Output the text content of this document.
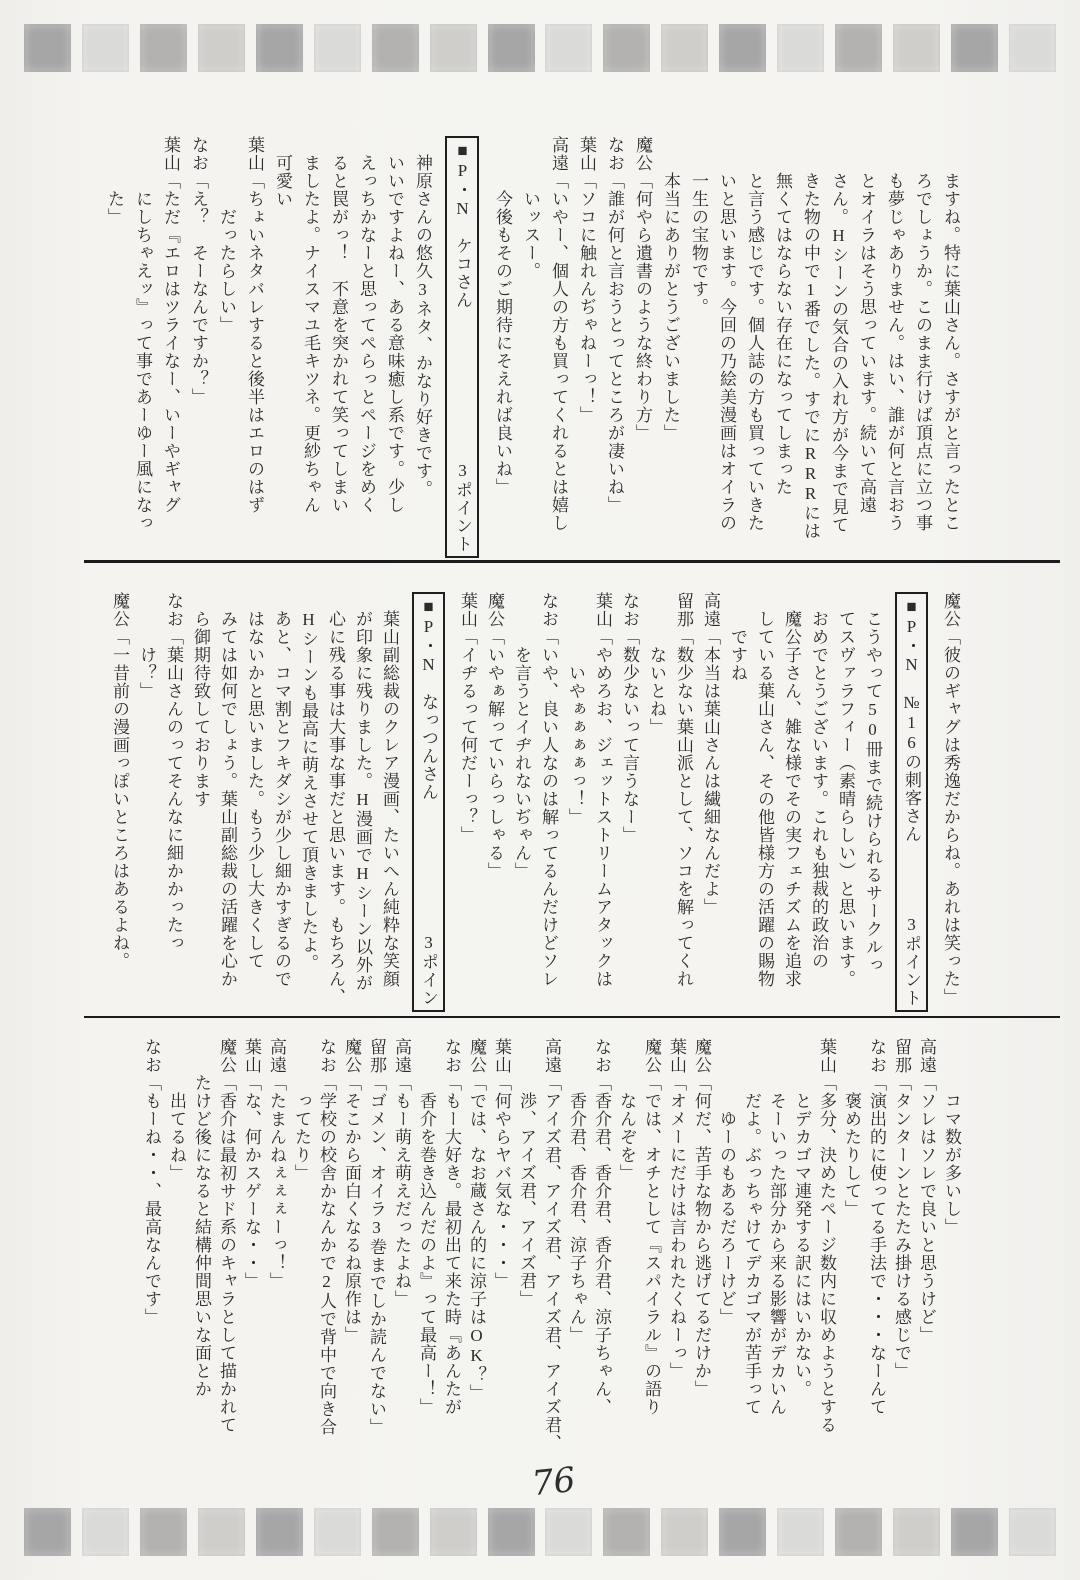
　　ますね。特に葉山さん。さすがと言ったとこ
　　ろでしょうか。このまま行けば頂点に立つ事
　　も夢じゃありません。はい、誰が何と言おう
　　とオイラはそう思っています。続いて高遠
　　さん。Hシーンの気合の入れ方が今まで見て
　　きた物の中で1番でした。すでにRRRには
　　無くてはならない存在になってしまった
　　と言う感じです。個人誌の方も買っていきた
　　いと思います。今回の乃絵美漫画はオイラの
　　一生の宝物です。
　　本当にありがとうございました」
魔公「何やら遺書のような終わり方」
なお「誰が何と言おうとってところが凄いね」
葉山「ソコに触れんぢゃねーっ！」
高遠「いやー、個人の方も買ってくれるとは嬉し
　　　いッスー。
　　　今後もそのご期待にそえれば良いね」
■P・N　ケコさん
3ポイント
　神原さんの悠久3ネタ、かなり好きです。
　いいですよねー、ある意味癒し系です。少し
　えっちかなーと思ってぺらっとページをめく
　ると罠がっ！　不意を突かれて笑ってしまい
　ましたよ。ナイスマユ毛キツネ。更紗ちゃん
　可愛い
葉山「ちょいネタバレすると後半はエロのはず
　　　　だったらしい」
なお「え？　そーなんですか？」
葉山「ただ『エロはツライなー、いーやギャグ
　　　にしちゃえッ』って事であーゆー風になっ
　　　た」
魔公「彼のギャグは秀逸だからね。あれは笑った」
■P・N　№16の刺客さん
3ポイント
　こうやって50冊まで続けられるサークルっ
　てスヴァラフィー（素晴らしい）と思います。
　おめでとうございます。これも独裁的政治の
　魔公子さん、雑な様でその実フェチズムを追求
　している葉山さん、その他皆様方の活躍の賜物
　　ですね
高遠「本当は葉山さんは繊細なんだよ」
留那「数少ない葉山派として、ソコを解ってくれ
　　　ないとね」
なお「数少ないって言うなー」
葉山「やめろお、ジェットストリームアタックは
　　　　いやぁぁぁぁっ！」
なお「いや、良い人なのは解ってるんだけどソレ
　　　を言うとイヂれないぢゃん」
魔公「いやぁ解っていらっしゃる」
葉山「イヂるって何だーっ？」
■P・N　なっつんさん
3ポイン
　葉山副総裁のクレア漫画、たいへん純粋な笑顔
　が印象に残りました。H漫画でHシーン以外が
　心に残る事は大事な事だと思います。もちろん、
　Hシーンも最高に萌えさせて頂きましたよ。
　あと、コマ割とフキダシが少し細かすぎるので
　はないかと思いました。もう少し大きくして
　みては如何でしょう。葉山副総裁の活躍を心か
　ら御期待致しております
なお「葉山さんのってそんなに細かかったっ
　　　け？」
魔公「一昔前の漫画っぽいところはあるよね。
　　　コマ数が多いし」
高遠「ソレはソレで良いと思うけど」
留那「タンターンとたたみ掛ける感じで」
なお「演出的に使ってる手法で・・・なーんて
　　　褒めたりして」
葉山「多分、決めたページ数内に収めようとする
　　　とデカゴマ連発する訳にはいかない。
　　　そーいった部分から来る影響がデカいん
　　　だよ。ぶっちゃけてデカゴマが苦手って
　　　　ゆーのもあるだろーけど」
魔公「何だ、苦手な物から逃げてるだけか」
葉山「オメーにだけは言われたくねーっ」
魔公「では、オチとして『スパイラル』の語り
　　　なんぞを」
なお「香介君、香介君、香介君、涼子ちゃん、
　　　香介君、香介君、涼子ちゃん」
高遠「アイズ君、アイズ君、アイズ君、アイズ君、
　　　渉、アイズ君、アイズ君」
葉山「何やらヤバ気な・・・」
魔公「では、なお蔵さん的に涼子はOK？」
なお「もー大好き。最初出て来た時『あんたが
　　　香介を巻き込んだのよ』って最高ー！」
高遠「もー萌え萌えだったよね」
留那「ゴメン、オイラ3巻までしか読んでない」
魔公「そこから面白くなるね原作は」
なお「学校の校舎かなんかで2人で背中で向き合
　　　ってたり」
高遠「たまんねぇぇぇーっ！」
葉山「な、何かスゲーな・・」
魔公「香介は最初サド系のキャラとして描かれて
　　たけど後になると結構仲間思いな面とか
　　　出てるね」
なお「もーね・・、最高なんです」
76
